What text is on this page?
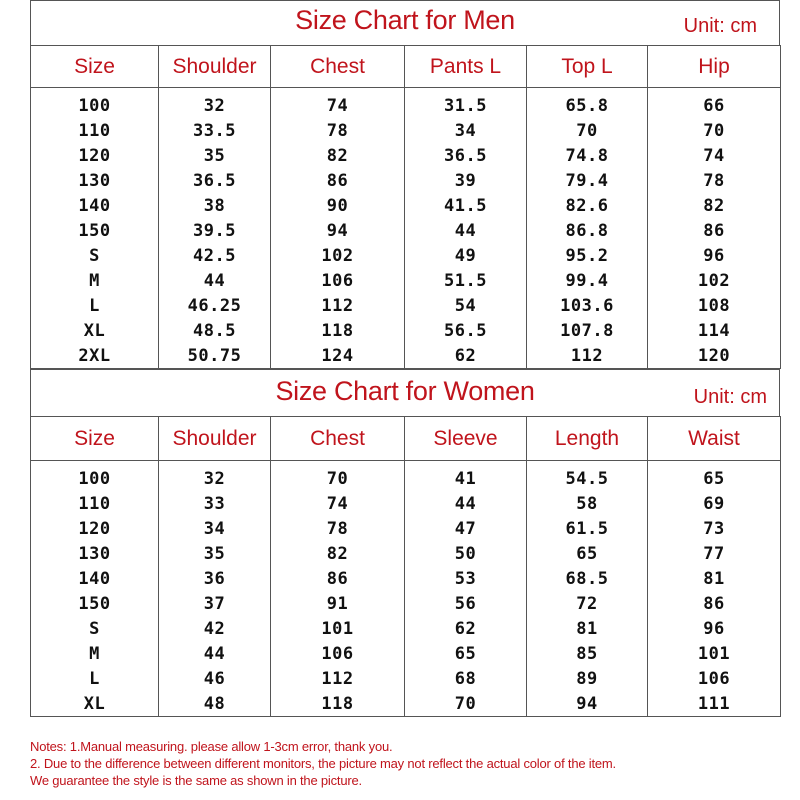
Size Chart for Men	Unit: cm
Size	Shoulder	Chest	Pants L	Top L	Hip
100	32	74	31.5	65.8	66
110	33.5	78	34	70	70
120	35	82	36.5	74.8	74
130	36.5	86	39	79.4	78
140	38	90	41.5	82.6	82
150	39.5	94	44	86.8	86
S	42.5	102	49	95.2	96
M	44	106	51.5	99.4	102
L	46.25	112	54	103.6	108
XL	48.5	118	56.5	107.8	114
2XL	50.75	124	62	112	120
Size Chart for Women	Unit: cm
Size	Shoulder	Chest	Sleeve	Length	Waist
100	32	70	41	54.5	65
110	33	74	44	58	69
120	34	78	47	61.5	73
130	35	82	50	65	77
140	36	86	53	68.5	81
150	37	91	56	72	86
S	42	101	62	81	96
M	44	106	65	85	101
L	46	112	68	89	106
XL	48	118	70	94	111
Notes: 1.Manual measuring. please allow 1-3cm error, thank you.
2. Due to the difference between different monitors, the picture may not reflect the actual color of the item.
We guarantee the style is the same as shown in the picture.
